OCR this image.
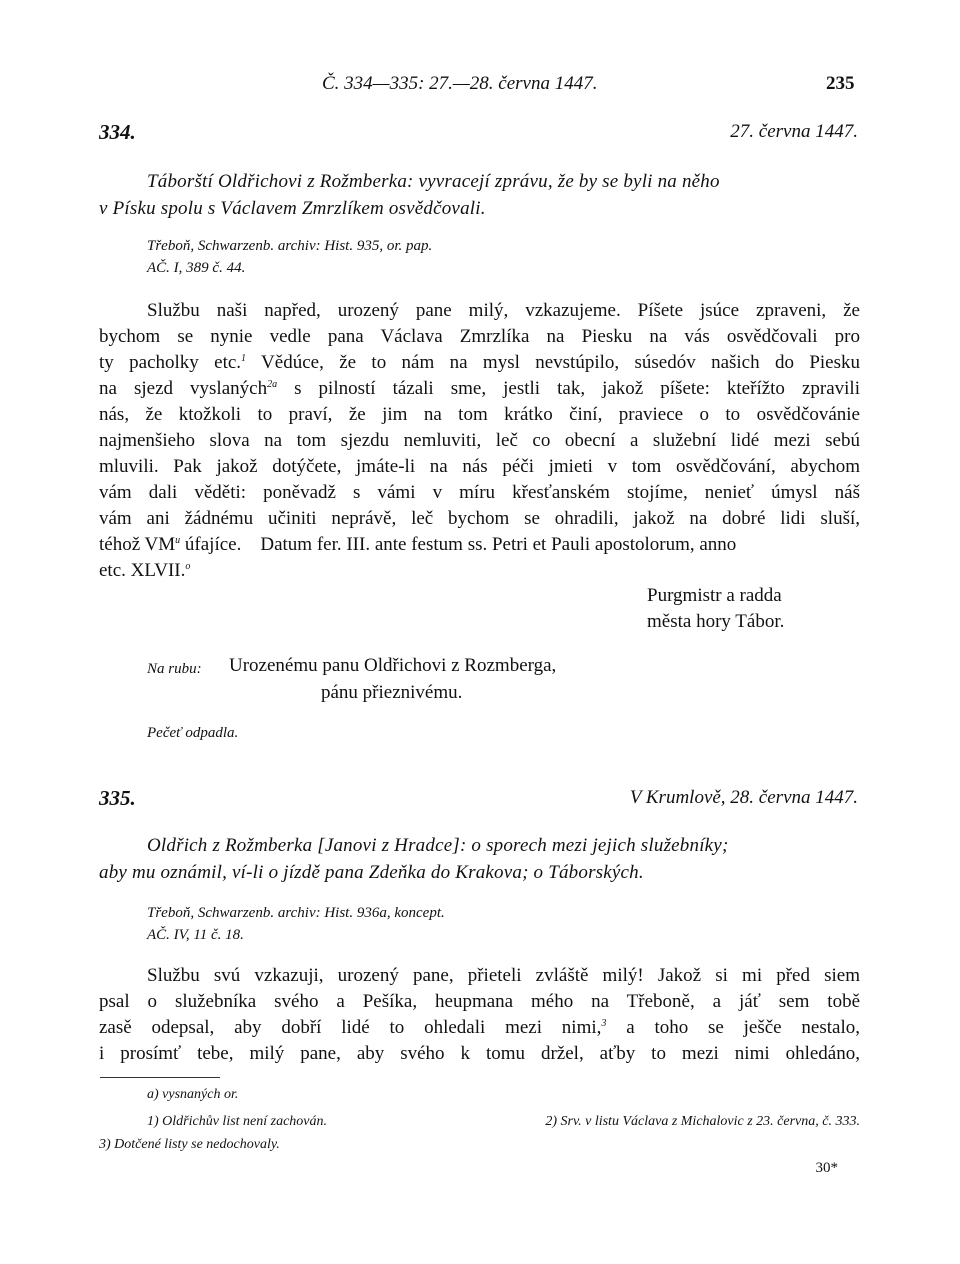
Č. 334—335: 27.—28. června 1447.	235
334.	27. června 1447.
Táborští Oldřichovi z Rožmberka: vyvracejí zprávu, že by se byli na něho
v Písku spolu s Václavem Zmrzlíkem osvědčovali.
Třeboň, Schwarzenb. archiv: Hist. 935, or. pap.
AČ. I, 389 č. 44.
Službu naši napřed, urozený pane milý, vzkazujeme. Píšete jsúce zpraveni, že
bychom se nynie vedle pana Václava Zmrzlíka na Piesku na vás osvědčovali pro
ty pacholky etc.$^1$ Vědúce, že to nám na mysl nevstúpilo, súsedóv našich do Piesku
na sjezd vyslaných$^{2a}$ s pilností tázali sme, jestli tak, jakož píšete: kteřížto zpravili
nás, že ktožkoli to praví, že jim na tom krátko činí, praviece o to osvědčovánie
najmenšieho slova na tom sjezdu nemluviti, leč co obecní a služební lidé mezi sebú
mluvili. Pak jakož dotýčete, jmáte-li na nás péči jmieti v tom osvědčování, abychom
vám dali věděti: poněvadž s vámi v míru křesťanském stojíme, nenieť úmysl náš
vám ani žádnému učiniti neprávě, leč bychom se ohradili, jakož na dobré lidi sluší,
téhož $VM^u$ úfajíce.    Datum fer. III. ante festum ss. Petri et Pauli apostolorum, anno
etc. XLVII.$^o$
Purgmistr a radda
města hory Tábor.
Na rubu: Urozenému panu Oldřichovi z Rozmberga,
pánu přieznivému.
Pečeť odpadla.
335.	V Krumlově, 28. června 1447.
Oldřich z Rožmberka [Janovi z Hradce]: o sporech mezi jejich služebníky;
aby mu oznámil, ví-li o jízdě pana Zdeňka do Krakova; o Táborských.
Třeboň, Schwarzenb. archiv: Hist. 936a, koncept.
AČ. IV, 11 č. 18.
Službu svú vzkazuji, urozený pane, přieteli zvláště milý! Jakož si mi před siem
psal o služebníka svého a Pešíka, heupmana mého na Třeboně, a jáť sem tobě
zasě odepsal, aby dobří lidé to ohledali mezi nimi,$^3$ a toho se ješče nestalo,
i prosímť tebe, milý pane, aby svého k tomu držel, aťby to mezi nimi ohledáno,
a) vysnaných or.
1) Oldřichův list není zachován.	2) Srv. v listu Václava z Michalovic z 23. června, č. 333.
3) Dotčené listy se nedochovaly.
30*
